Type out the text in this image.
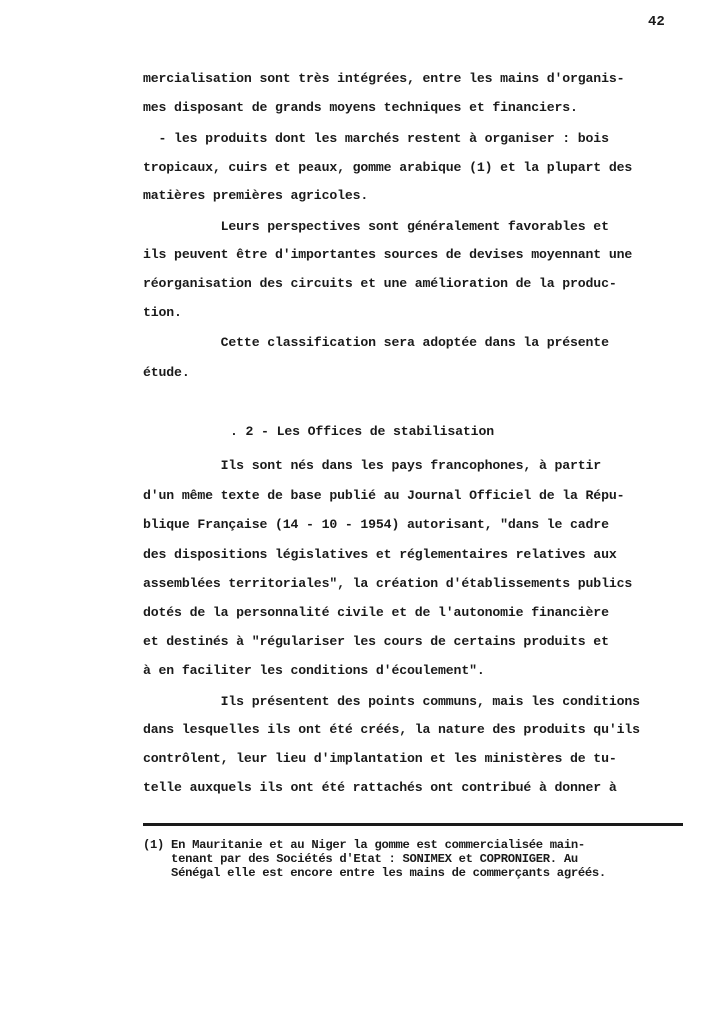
42
mercialisation sont très intégrées, entre les mains d'organis-
mes disposant de grands moyens techniques et financiers.
- les produits dont les marchés restent à organiser : bois
tropicaux, cuirs et peaux, gomme arabique (1) et la plupart des
matières premières agricoles.
Leurs perspectives sont généralement favorables et
ils peuvent être d'importantes sources de devises moyennant une
réorganisation des circuits et une amélioration de la produc-
tion.
Cette classification sera adoptée dans la présente
étude.
. 2 - Les Offices de stabilisation
Ils sont nés dans les pays francophones, à partir
d'un même texte de base publié au Journal Officiel de la Répu-
blique Française (14 - 10 - 1954) autorisant, "dans le cadre
des dispositions législatives et réglementaires relatives aux
assemblées territoriales", la création d'établissements publics
dotés de la personnalité civile et de l'autonomie financière
et destinés à "régulariser les cours de certains produits et
à en faciliter les conditions d'écoulement".
Ils présentent des points communs, mais les conditions
dans lesquelles ils ont été créés, la nature des produits qu'ils
contrôlent, leur lieu d'implantation et les ministères de tu-
telle auxquels ils ont été rattachés ont contribué à donner à
(1) En Mauritanie et au Niger la gomme est commercialisée main-
tenant par des Sociétés d'Etat : SONIMEX et COPRONIGER. Au
Sénégal elle est encore entre les mains de commerçants agréés.
